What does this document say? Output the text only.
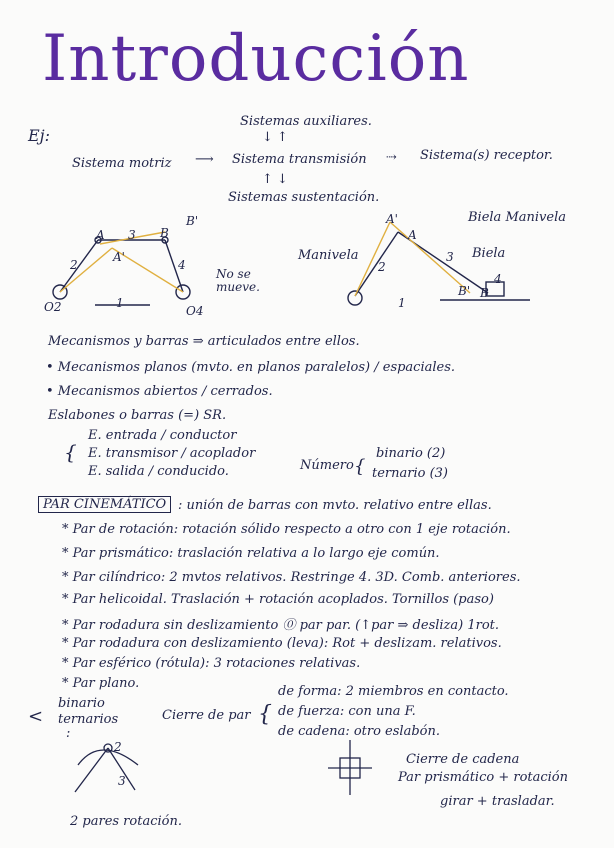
Introducción
Ej:
Sistemas auxiliares.
Sistema transmisión
Sistema motriz
Sistema(s) receptor.
Sistemas sustentación.
⟶	⇢
↓ ↑
↑ ↓
A
A'
B
B'
2
3
4
1
O2	O4
No se mueve.
Biela Manivela
Manivela	Biela
A'
A
2
3
4
1
B
B'
Mecanismos y barras ⇒ articulados entre ellos.
• Mecanismos planos (mvto. en planos paralelos) / espaciales.
• Mecanismos abiertos / cerrados.
Eslabones o barras (=) SR.
{
E. entrada / conductor
E. transmisor / acoplador
E. salida / conducido.	Número {
binario (2)
ternario (3)
PAR CINEMÁTICO : unión de barras con mvto. relativo entre ellas.
* Par de rotación: rotación sólido respecto a otro con 1 eje rotación.
* Par prismático: traslación relativa a lo largo eje común.
* Par cilíndrico: 2 mvtos relativos. Restringe 4. 3D. Comb. anteriores.
* Par helicoidal. Traslación + rotación acoplados. Tornillos (paso)
* Par rodadura sin deslizamiento ⓪ par par. (↑par ⇒ desliza) 1rot.
* Par rodadura con deslizamiento (leva): Rot + deslizam. relativos.
* Par esférico (rótula): 3 rotaciones relativas.
* Par plano.
<
binario
ternarios
:
Cierre de par {
de forma: 2 miembros en contacto.
de fuerza: con una F.
de cadena: otro eslabón.
2
3
2 pares rotación.
Cierre de cadena
Par prismático + rotación
girar + trasladar.
